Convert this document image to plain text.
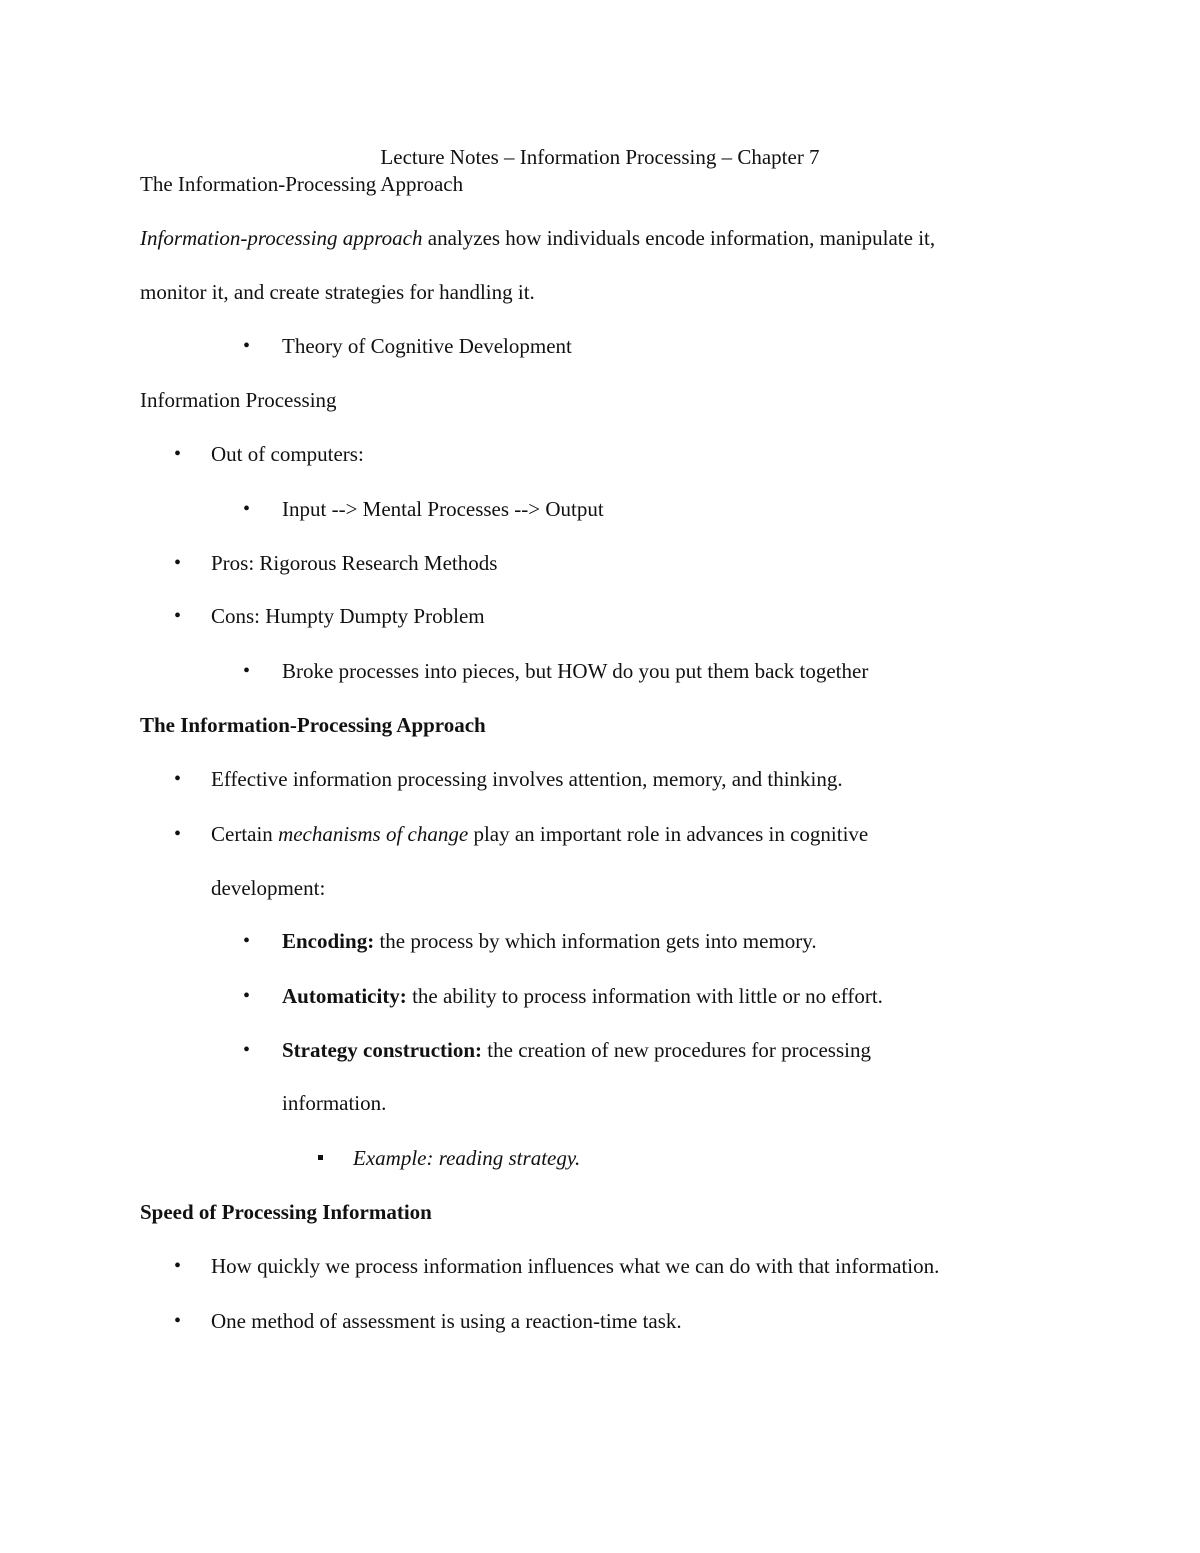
Lecture Notes – Information Processing – Chapter 7
The Information-Processing Approach
Information-processing approach analyzes how individuals encode information, manipulate it,
monitor it, and create strategies for handling it.
• Theory of Cognitive Development
Information Processing
• Out of computers:
• Input --> Mental Processes --> Output
• Pros: Rigorous Research Methods
• Cons: Humpty Dumpty Problem
• Broke processes into pieces, but HOW do you put them back together
The Information-Processing Approach
• Effective information processing involves attention, memory, and thinking.
• Certain mechanisms of change play an important role in advances in cognitive
development:
• Encoding: the process by which information gets into memory.
• Automaticity: the ability to process information with little or no effort.
• Strategy construction: the creation of new procedures for processing
information.
Example: reading strategy.
Speed of Processing Information
• How quickly we process information influences what we can do with that information.
• One method of assessment is using a reaction-time task.
